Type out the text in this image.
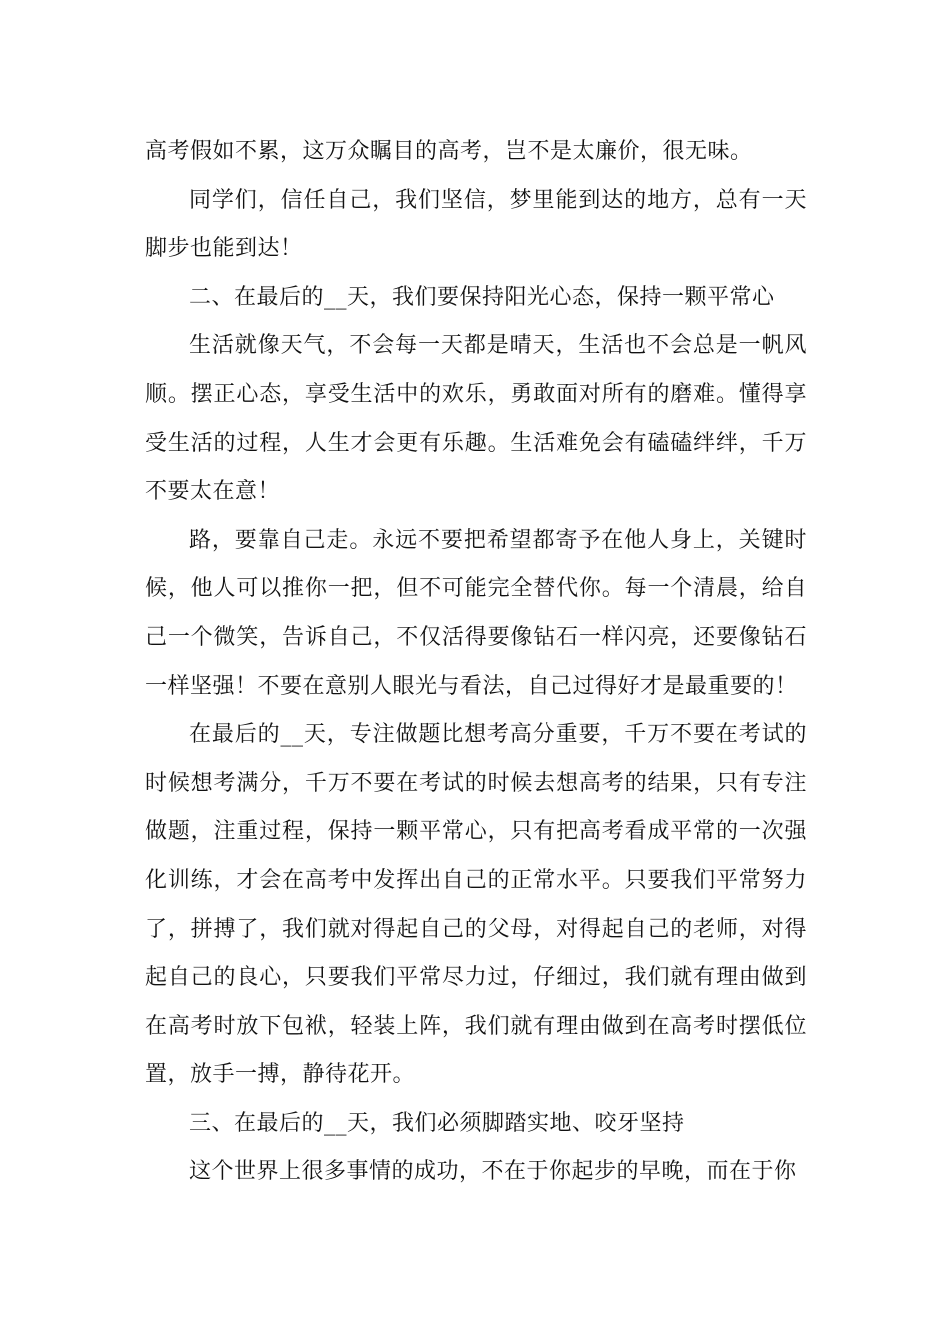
高考假如不累，这万众瞩目的高考，岂不是太廉价，很无味。

同学们，信任自己，我们坚信，梦里能到达的地方，总有一天脚步也能到达！

二、在最后的__天，我们要保持阳光心态，保持一颗平常心

生活就像天气，不会每一天都是晴天，生活也不会总是一帆风顺。摆正心态，享受生活中的欢乐，勇敢面对所有的磨难。懂得享受生活的过程，人生才会更有乐趣。生活难免会有磕磕绊绊，千万不要太在意！

路，要靠自己走。永远不要把希望都寄予在他人身上，关键时候，他人可以推你一把，但不可能完全替代你。每一个清晨，给自己一个微笑，告诉自己，不仅活得要像钻石一样闪亮，还要像钻石一样坚强！不要在意别人眼光与看法，自己过得好才是最重要的！

在最后的__天，专注做题比想考高分重要，千万不要在考试的时候想考满分，千万不要在考试的时候去想高考的结果，只有专注做题，注重过程，保持一颗平常心，只有把高考看成平常的一次强化训练，才会在高考中发挥出自己的正常水平。只要我们平常努力了，拼搏了，我们就对得起自己的父母，对得起自己的老师，对得起自己的良心，只要我们平常尽力过，仔细过，我们就有理由做到在高考时放下包袱，轻装上阵，我们就有理由做到在高考时摆低位置，放手一搏，静待花开。

三、在最后的__天，我们必须脚踏实地、咬牙坚持

这个世界上很多事情的成功，不在于你起步的早晚，而在于你
